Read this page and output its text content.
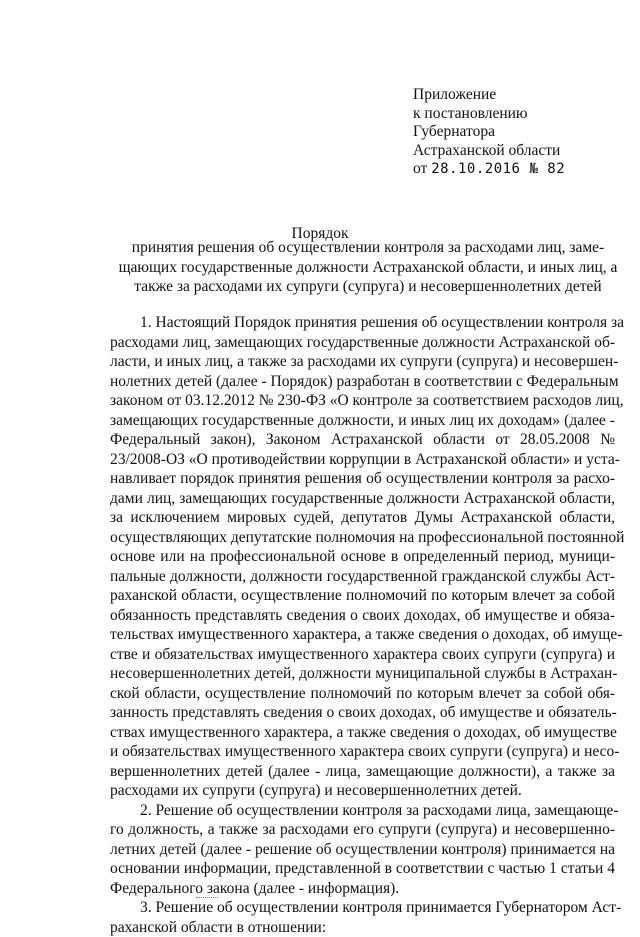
Приложение
к постановлению
Губернатора
Астраханской области
от 28.10.2016 № 82
Порядок
принятия решения об осуществлении контроля за расходами лиц, заме-
щающих государственные должности Астраханской области, и иных лиц, а
также за расходами их супруги (супруга) и несовершеннолетних детей
1. Настоящий Порядок принятия решения об осуществлении контроля за
расходами лиц, замещающих государственные должности Астраханской об-
ласти, и иных лиц, а также за расходами их супруги (супруга) и несовершен-
нолетних детей (далее - Порядок) разработан в соответствии с Федеральным
законом от 03.12.2012 № 230-ФЗ «О контроле за соответствием расходов лиц,
замещающих государственные должности, и иных лиц их доходам» (далее -
Федеральный закон), Законом Астраханской области от 28.05.2008 №
23/2008-ОЗ «О противодействии коррупции в Астраханской области» и уста-
навливает порядок принятия решения об осуществлении контроля за расхо-
дами лиц, замещающих государственные должности Астраханской области,
за исключением мировых судей, депутатов Думы Астраханской области,
осуществляющих депутатские полномочия на профессиональной постоянной
основе или на профессиональной основе в определенный период, муници-
пальные должности, должности государственной гражданской службы Аст-
раханской области, осуществление полномочий по которым влечет за собой
обязанность представлять сведения о своих доходах, об имуществе и обяза-
тельствах имущественного характера, а также сведения о доходах, об имуще-
стве и обязательствах имущественного характера своих супруги (супруга) и
несовершеннолетних детей, должности муниципальной службы в Астрахан-
ской области, осуществление полномочий по которым влечет за собой обя-
занность представлять сведения о своих доходах, об имуществе и обязатель-
ствах имущественного характера, а также сведения о доходах, об имуществе
и обязательствах имущественного характера своих супруги (супруга) и несо-
вершеннолетних детей (далее - лица, замещающие должности), а также за
расходами их супруги (супруга) и несовершеннолетних детей.
2. Решение об осуществлении контроля за расходами лица, замещающе-
го должность, а также за расходами его супруги (супруга) и несовершенно-
летних детей (далее - решение об осуществлении контроля) принимается на
основании информации, представленной в соответствии с частью 1 статьи 4
Федерального закона (далее - информация).
3. Решение об осуществлении контроля принимается Губернатором Аст-
раханской области в отношении:
